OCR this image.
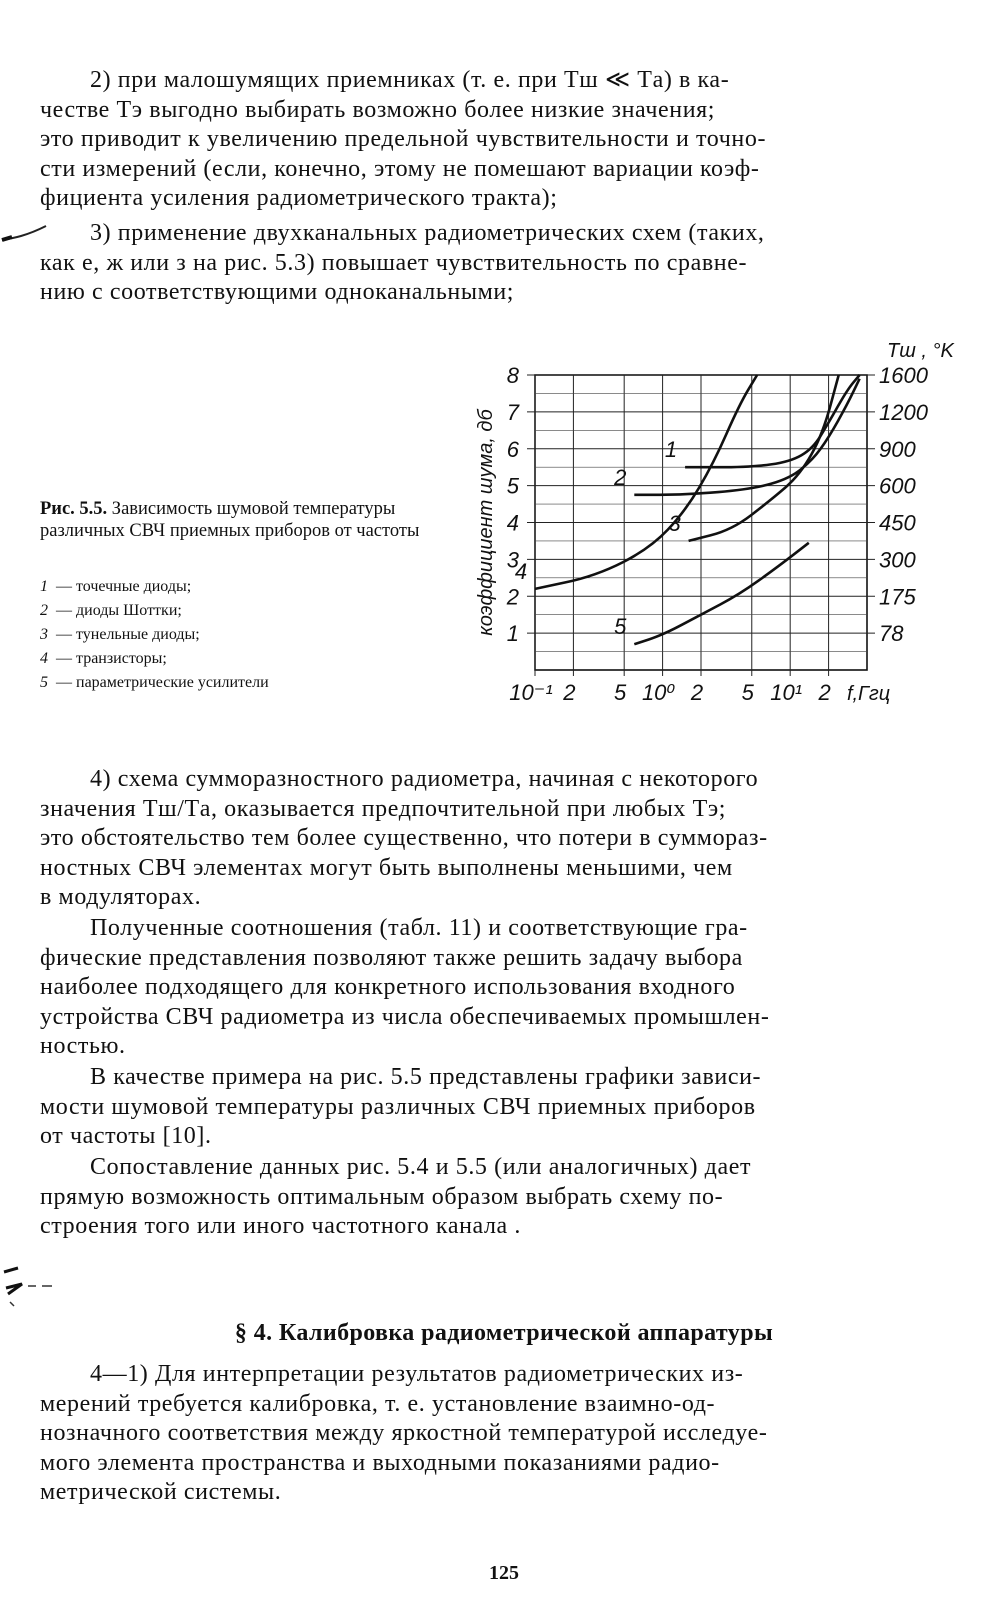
2) при малошумящих приемниках (т. е. при Tш ≪ Tа) в ка-
честве Tэ выгодно выбирать возможно более низкие значения;
это приводит к увеличению предельной чувствительности и точно-
сти измерений (если, конечно, этому не помешают вариации коэф-
фициента усиления радиометрического тракта);
3) применение двухканальных радиометрических схем (таких,
как е, ж или з на рис. 5.3) повышает чувствительность по сравне-
нию с соответствующими одноканальными;
Рис. 5.5. Зависимость шумовой температуры различных СВЧ приемных приборов от частоты
1 — точечные диоды;
2 — диоды Шоттки;
3 — тунельные диоды;
4 — транзисторы;
5 — параметрические усилители	10⁻¹ 2 5 10⁰ 2 5 10¹ 2 f,Ггц
1
2
3
4
5
6
7
8
78
175
300
450
600
900
1200
1600
Tш , °K
коэффициент шума, дб	1
2
3
4
5
4) схема сумморазностного радиометра, начиная с некоторого
значения Tш/Tа, оказывается предпочтительной при любых Tэ;
это обстоятельство тем более существенно, что потери в суммораз-
ностных СВЧ элементах могут быть выполнены меньшими, чем
в модуляторах.
Полученные соотношения (табл. 11) и соответствующие гра-
фические представления позволяют также решить задачу выбора
наиболее подходящего для конкретного использования входного
устройства СВЧ радиометра из числа обеспечиваемых промышлен-
ностью.
В качестве примера на рис. 5.5 представлены графики зависи-
мости шумовой температуры различных СВЧ приемных приборов
от частоты [10].
Сопоставление данных рис. 5.4 и 5.5 (или аналогичных) дает
прямую возможность оптимальным образом выбрать схему по-
строения того или иного частотного канала .
§ 4. Калибровка радиометрической аппаратуры
4—1) Для интерпретации результатов радиометрических из-
мерений требуется калибровка, т. е. установление взаимно-од-
нозначного соответствия между яркостной температурой исследуе-
мого элемента пространства и выходными показаниями радио-
метрической системы.
125
